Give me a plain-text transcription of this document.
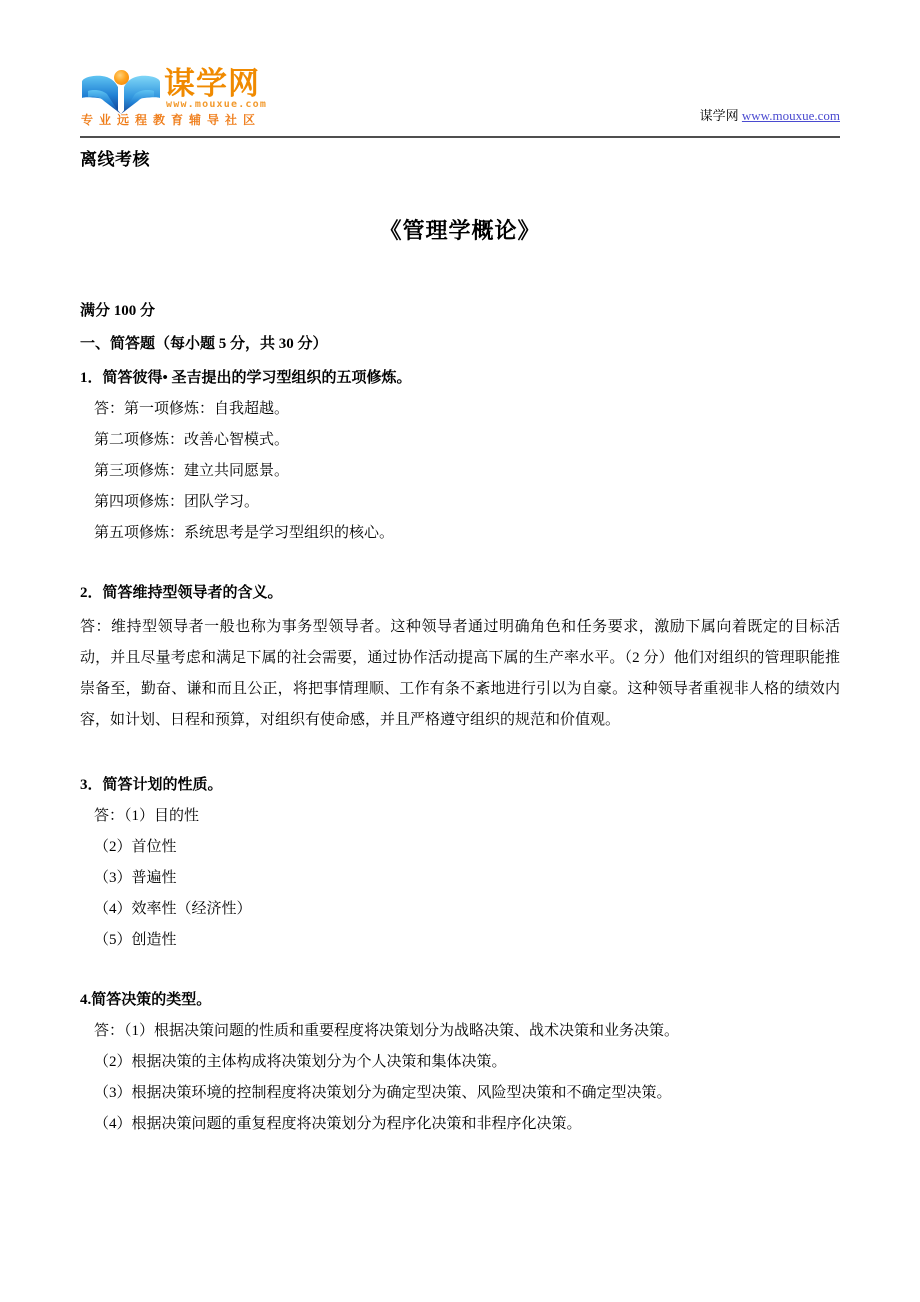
谋学网
www.mouxue.com
专业远程教育辅导社区	谋学网 www.mouxue.com
离线考核
《管理学概论》
满分 100 分
一、简答题（每小题 5 分，共 30 分）
1．简答彼得• 圣吉提出的学习型组织的五项修炼。
答：第一项修炼：自我超越。
第二项修炼：改善心智模式。
第三项修炼：建立共同愿景。
第四项修炼：团队学习。
第五项修炼：系统思考是学习型组织的核心。
2．简答维持型领导者的含义。
答：维持型领导者一般也称为事务型领导者。这种领导者通过明确角色和任务要求，激励下属向着既定的目标活动，并且尽量考虑和满足下属的社会需要，通过协作活动提高下属的生产率水平。（2 分）他们对组织的管理职能推崇备至，勤奋、谦和而且公正，将把事情理顺、工作有条不紊地进行引以为自豪。这种领导者重视非人格的绩效内容，如计划、日程和预算，对组织有使命感，并且严格遵守组织的规范和价值观。
3．简答计划的性质。
答：（1）目的性
（2）首位性
（3）普遍性
（4）效率性（经济性）
（5）创造性
4.简答决策的类型。
答：（1）根据决策问题的性质和重要程度将决策划分为战略决策、战术决策和业务决策。
（2）根据决策的主体构成将决策划分为个人决策和集体决策。
（3）根据决策环境的控制程度将决策划分为确定型决策、风险型决策和不确定型决策。
（4）根据决策问题的重复程度将决策划分为程序化决策和非程序化决策。
